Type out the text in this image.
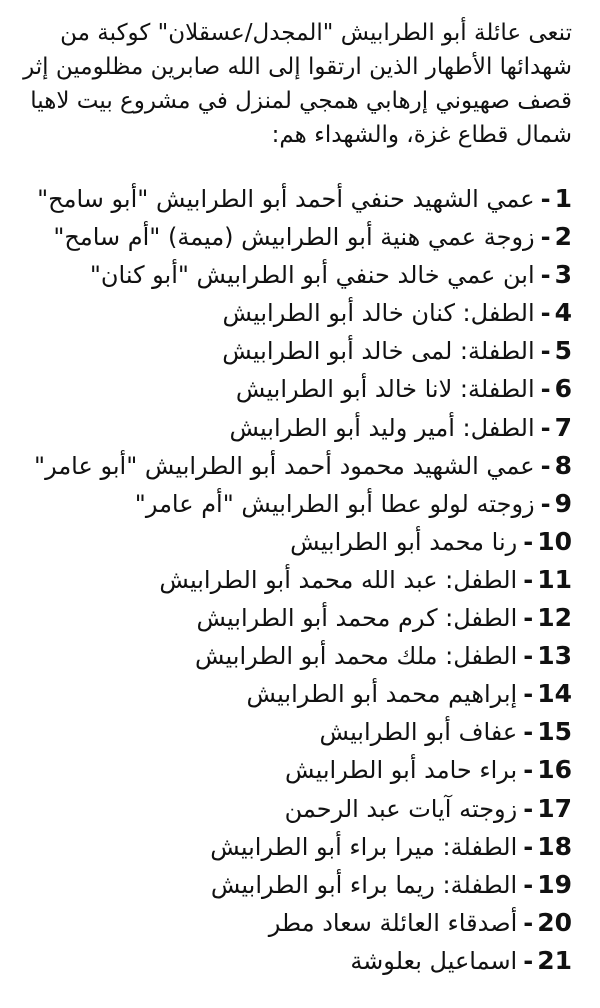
تنعى عائلة أبو الطرابيش "المجدل/عسقلان" كوكبة من شهدائها الأطهار الذين ارتقوا إلى الله صابرين مظلومين إثر قصف صهيوني إرهابي همجي لمنزل في مشروع بيت لاهيا شمال قطاع غزة، والشهداء هم:

1-عمي الشهيد حنفي أحمد أبو الطرابيش "أبو سامح"
2-زوجة عمي هنية أبو الطرابيش (ميمة) "أم سامح"
3-ابن عمي خالد حنفي أبو الطرابيش "أبو كنان"
4-الطفل: كنان خالد أبو الطرابيش
5-الطفلة: لمى خالد أبو الطرابيش
6-الطفلة: لانا خالد أبو الطرابيش
7-الطفل: أمير وليد أبو الطرابيش
8-عمي الشهيد محمود أحمد أبو الطرابيش "أبو عامر"
9-زوجته لولو عطا أبو الطرابيش "أم عامر"
10-رنا محمد أبو الطرابيش
11-الطفل: عبد الله محمد أبو الطرابيش
12-الطفل: كرم محمد أبو الطرابيش
13-الطفل: ملك محمد أبو الطرابيش
14-إبراهيم محمد أبو الطرابيش
15-عفاف أبو الطرابيش
16-براء حامد أبو الطرابيش
17-زوجته آيات عبد الرحمن
18-الطفلة: ميرا براء أبو الطرابيش
19-الطفلة: ريما براء أبو الطرابيش
20-أصدقاء العائلة سعاد مطر
21-اسماعيل بعلوشة
